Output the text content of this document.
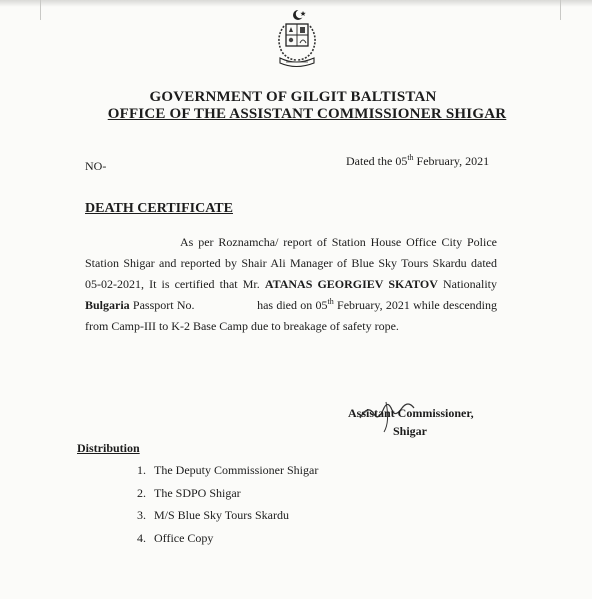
GOVERNMENT OF GILGIT BALTISTAN
OFFICE OF THE ASSISTANT COMMISSIONER SHIGAR
NO-	Dated the 05th February, 2021
DEATH CERTIFICATE

As per Roznamcha/ report of Station House Office City Police Station Shigar and reported by Shair Ali Manager of Blue Sky Tours Skardu dated 05-02-2021, It is certified that Mr. ATANAS GEORGIEV SKATOV Nationality Bulgaria Passport No.	has died on 05th February, 2021 while descending from Camp-III to K-2 Base Camp due to breakage of safety rope.

Assistant Commissioner,
Shigar
Distribution
1. The Deputy Commissioner Shigar
2. The SDPO Shigar
3. M/S Blue Sky Tours Skardu
4. Office Copy
